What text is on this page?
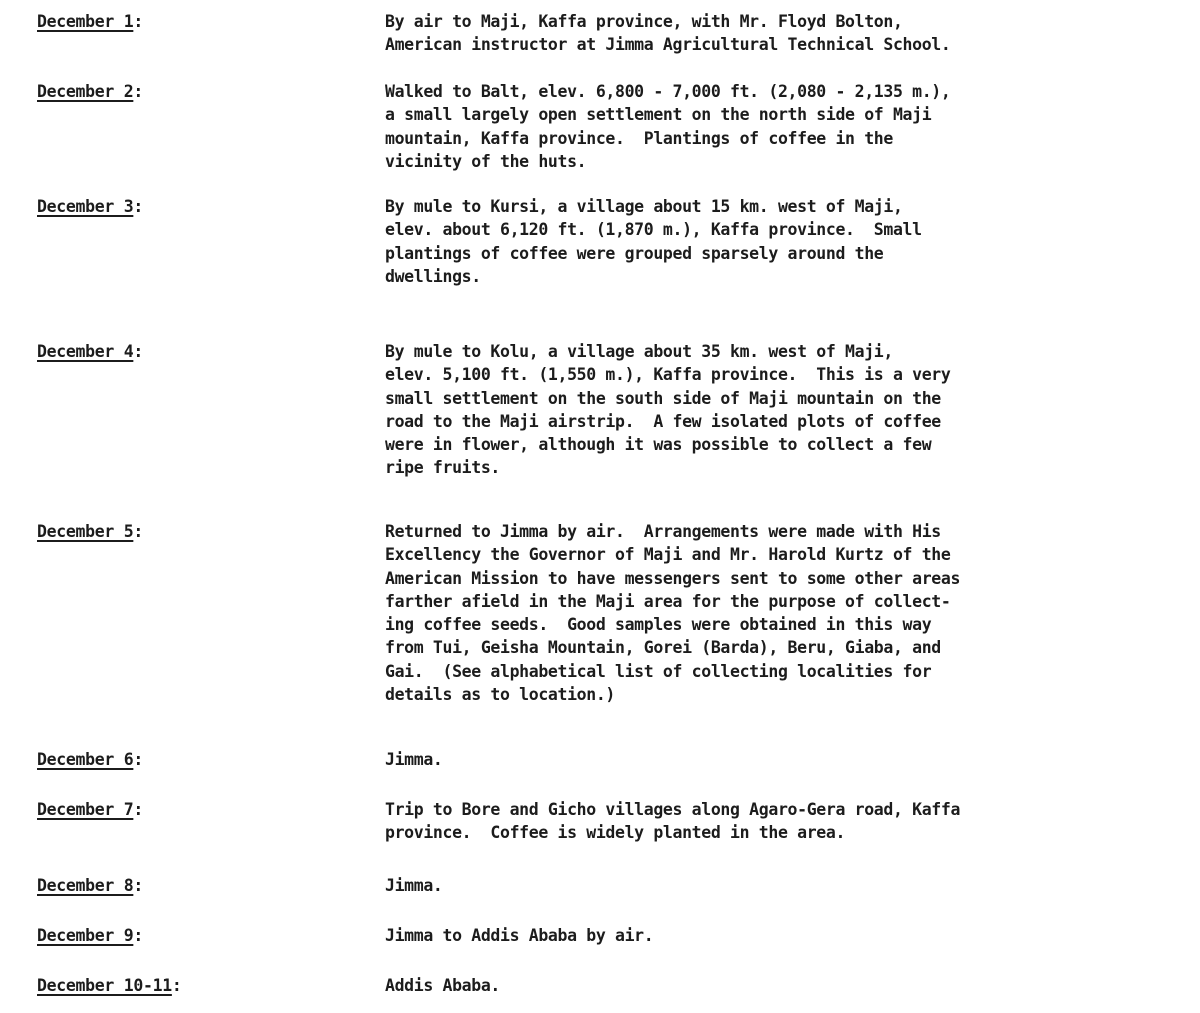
December 1:	By air to Maji, Kaffa province, with Mr. Floyd Bolton,
American instructor at Jimma Agricultural Technical School.
December 2:	Walked to Balt, elev. 6,800 - 7,000 ft. (2,080 - 2,135 m.),
a small largely open settlement on the north side of Maji
mountain, Kaffa province.  Plantings of coffee in the
vicinity of the huts.
December 3:	By mule to Kursi, a village about 15 km. west of Maji,
elev. about 6,120 ft. (1,870 m.), Kaffa province.  Small
plantings of coffee were grouped sparsely around the
dwellings.
December 4:	By mule to Kolu, a village about 35 km. west of Maji,
elev. 5,100 ft. (1,550 m.), Kaffa province.  This is a very
small settlement on the south side of Maji mountain on the
road to the Maji airstrip.  A few isolated plots of coffee
were in flower, although it was possible to collect a few
ripe fruits.
December 5:	Returned to Jimma by air.  Arrangements were made with His
Excellency the Governor of Maji and Mr. Harold Kurtz of the
American Mission to have messengers sent to some other areas
farther afield in the Maji area for the purpose of collect-
ing coffee seeds.  Good samples were obtained in this way
from Tui, Geisha Mountain, Gorei (Barda), Beru, Giaba, and
Gai.  (See alphabetical list of collecting localities for
details as to location.)
December 6:	Jimma.
December 7:	Trip to Bore and Gicho villages along Agaro-Gera road, Kaffa
province.  Coffee is widely planted in the area.
December 8:	Jimma.
December 9:	Jimma to Addis Ababa by air.
December 10-11:	Addis Ababa.
